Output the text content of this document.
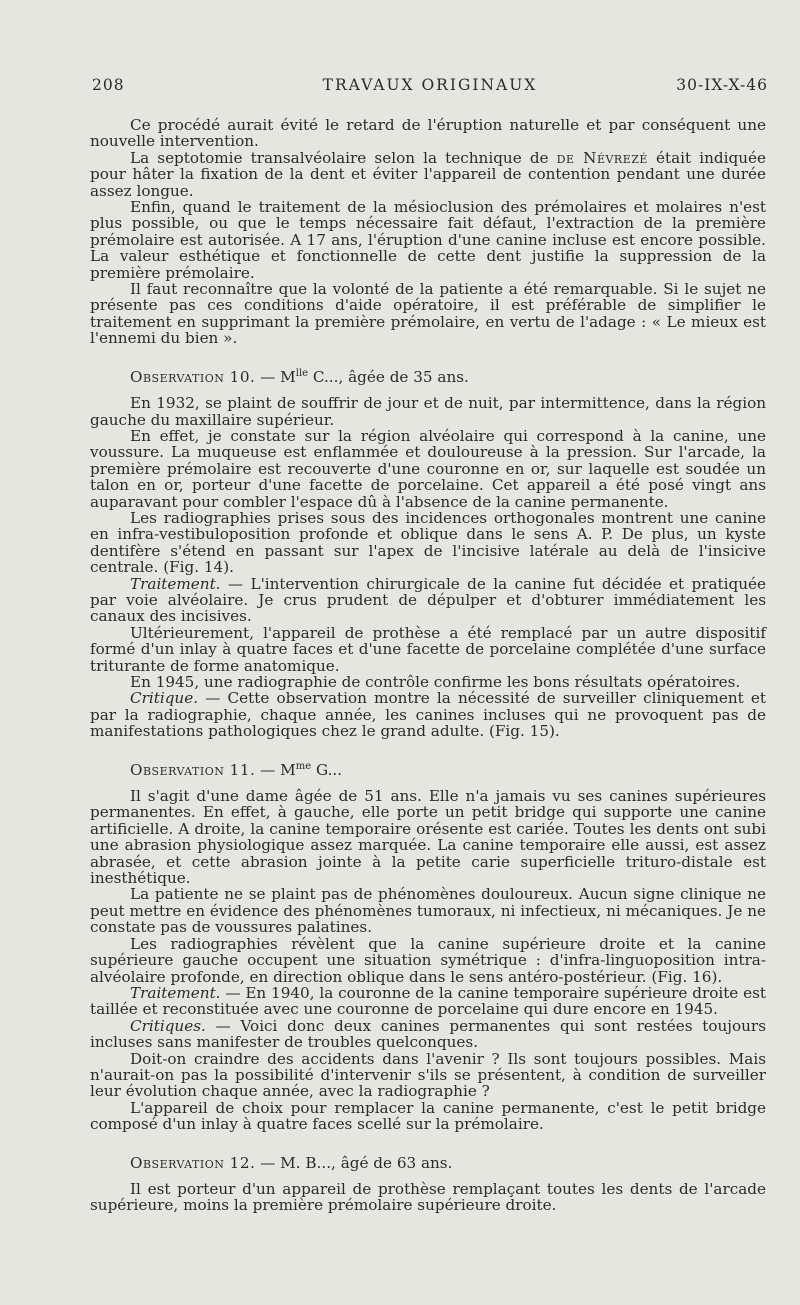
208	TRAVAUX ORIGINAUX	30-IX-X-46

Ce procédé aurait évité le retard de l'éruption naturelle et par conséquent une nouvelle intervention.

La septotomie transalvéolaire selon la technique de de Névrezé était indiquée pour hâter la fixation de la dent et éviter l'appareil de contention pendant une durée assez longue.

Enfin, quand le traitement de la mésioclusion des prémolaires et molaires n'est plus possible, ou que le temps nécessaire fait défaut, l'extraction de la première prémolaire est autorisée. A 17 ans, l'éruption d'une canine incluse est encore possible. La valeur esthétique et fonctionnelle de cette dent justifie la suppression de la première prémolaire.

Il faut reconnaître que la volonté de la patiente a été remarquable. Si le sujet ne présente pas ces conditions d'aide opératoire, il est préférable de simplifier le traitement en supprimant la première prémolaire, en vertu de l'adage : « Le mieux est l'ennemi du bien ».

Observation 10. — $M^{lle}$ C..., âgée de 35 ans.

En 1932, se plaint de souffrir de jour et de nuit, par intermittence, dans la région gauche du maxillaire supérieur.

En effet, je constate sur la région alvéolaire qui correspond à la canine, une voussure. La muqueuse est enflammée et douloureuse à la pression. Sur l'arcade, la première prémolaire est recouverte d'une couronne en or, sur laquelle est soudée un talon en or, porteur d'une facette de porcelaine. Cet appareil a été posé vingt ans auparavant pour combler l'espace dû à l'absence de la canine permanente.

Les radiographies prises sous des incidences orthogonales montrent une canine en infra-vestibuloposition profonde et oblique dans le sens A. P. De plus, un kyste dentifère s'étend en passant sur l'apex de l'incisive latérale au delà de l'insicive centrale. (Fig. 14).

Traitement. — L'intervention chirurgicale de la canine fut décidée et pratiquée par voie alvéolaire. Je crus prudent de dépulper et d'obturer immédiatement les canaux des incisives.

Ultérieurement, l'appareil de prothèse a été remplacé par un autre dispositif formé d'un inlay à quatre faces et d'une facette de porcelaine complétée d'une surface triturante de forme anatomique.

En 1945, une radiographie de contrôle confirme les bons résultats opératoires.

Critique. — Cette observation montre la nécessité de surveiller cliniquement et par la radiographie, chaque année, les canines incluses qui ne provoquent pas de manifestations pathologiques chez le grand adulte. (Fig. 15).

Observation 11. — $M^{me}$ G...

Il s'agit d'une dame âgée de 51 ans. Elle n'a jamais vu ses canines supérieures permanentes. En effet, à gauche, elle porte un petit bridge qui supporte une canine artificielle. A droite, la canine temporaire orésente est cariée. Toutes les dents ont subi une abrasion physiologique assez marquée. La canine temporaire elle aussi, est assez abrasée, et cette abrasion jointe à la petite carie superficielle trituro-distale est inesthétique.

La patiente ne se plaint pas de phénomènes douloureux. Aucun signe clinique ne peut mettre en évidence des phénomènes tumoraux, ni infectieux, ni mécaniques. Je ne constate pas de voussures palatines.

Les radiographies révèlent que la canine supérieure droite et la canine supérieure gauche occupent une situation symétrique : d'infra-linguoposition intra-alvéolaire profonde, en direction oblique dans le sens antéro-postérieur. (Fig. 16).

Traitement. — En 1940, la couronne de la canine temporaire supérieure droite est taillée et reconstituée avec une couronne de porcelaine qui dure encore en 1945.

Critiques. — Voici donc deux canines permanentes qui sont restées toujours incluses sans manifester de troubles quelconques.

Doit-on craindre des accidents dans l'avenir ? Ils sont toujours possibles. Mais n'aurait-on pas la possibilité d'intervenir s'ils se présentent, à condition de surveiller leur évolution chaque année, avec la radiographie ?

L'appareil de choix pour remplacer la canine permanente, c'est le petit bridge composé d'un inlay à quatre faces scellé sur la prémolaire.

Observation 12. — M. B..., âgé de 63 ans.

Il est porteur d'un appareil de prothèse remplaçant toutes les dents de l'arcade supérieure, moins la première prémolaire supérieure droite.
